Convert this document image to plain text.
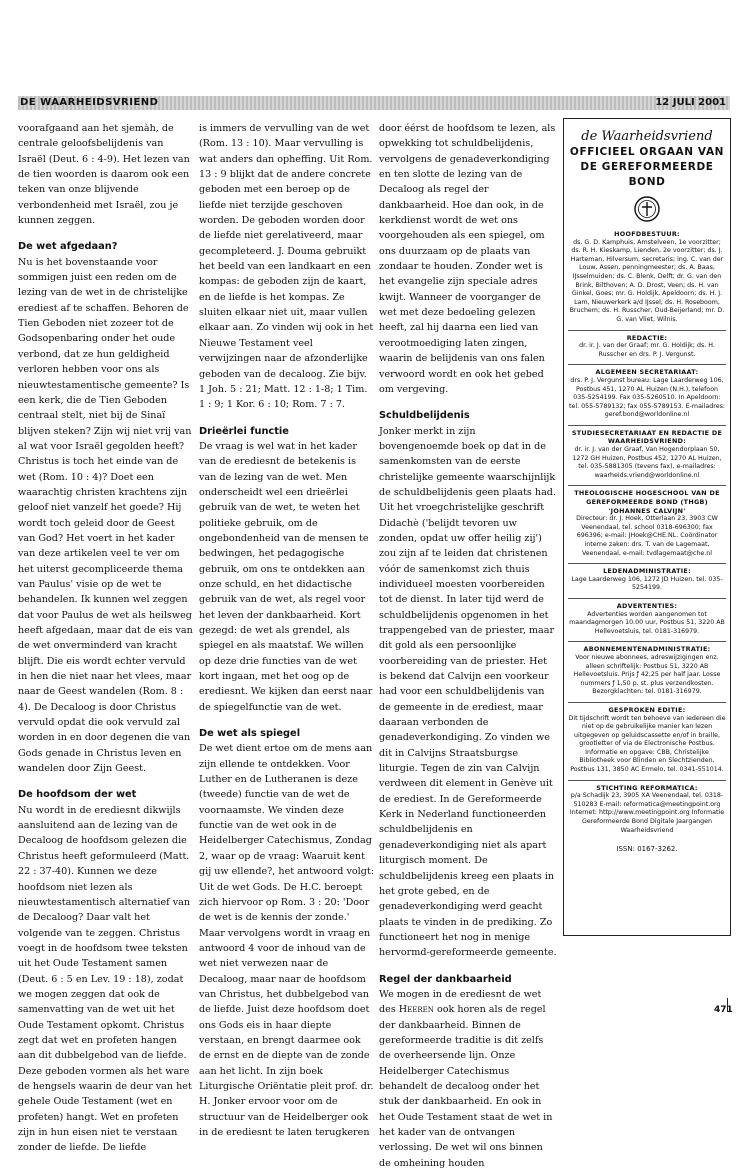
DE WAARHEIDSVRIEND	12 JULI 2001

voorafgaand aan het sjemàh, de centrale geloofsbelijdenis van Israël (Deut. 6 : 4-9). Het lezen van de tien woorden is daarom ook een teken van onze blijvende verbondenheid met Israël, zou je kunnen zeggen.

De wet afgedaan?

Nu is het bovenstaande voor sommigen juist een reden om de lezing van de wet in de christelijke erediest af te schaffen. Behoren de Tien Geboden niet zozeer tot de Godsopenbaring onder het oude verbond, dat ze hun geldigheid verloren hebben voor ons als nieuwtestamentische gemeente? Is een kerk, die de Tien Geboden centraal stelt, niet bij de Sinaï blijven steken? Zijn wij niet vrij van al wat voor Israël gegolden heeft? Christus is toch het einde van de wet (Rom. 10 : 4)? Doet een waarachtig christen krachtens zijn geloof niet vanzelf het goede? Hij wordt toch geleid door de Geest van God? Het voert in het kader van deze artikelen veel te ver om het uiterst gecompliceerde thema van Paulus' visie op de wet te behandelen. Ik kunnen wel zeggen dat voor Paulus de wet als heilsweg heeft afgedaan, maar dat de eis van de wet onverminderd van kracht blijft. Die eis wordt echter vervuld in hen die niet naar het vlees, maar naar de Geest wandelen (Rom. 8 : 4). De Decaloog is door Christus vervuld opdat die ook vervuld zal worden in en door degenen die van Gods genade in Christus leven en wandelen door Zijn Geest.

De hoofdsom der wet

Nu wordt in de erediesnt dikwijls aansluitend aan de lezing van de Decaloog de hoofdsom gelezen die Christus heeft geformuleerd (Matt. 22 : 37-40). Kunnen we deze hoofdsom niet lezen als nieuwtestamentisch alternatief van de Decaloog? Daar valt het volgende van te zeggen. Christus voegt in de hoofdsom twee teksten uit het Oude Testament samen (Deut. 6 : 5 en Lev. 19 : 18), zodat we mogen zeggen dat ook de samenvatting van de wet uit het Oude Testament opkomt. Christus zegt dat wet en profeten hangen aan dit dubbelgebod van de liefde. Deze geboden vormen als het ware de hengsels waarin de deur van het gehele Oude Testament (wet en profeten) hangt. Wet en profeten zijn in hun eisen niet te verstaan zonder de liefde. De liefde

is immers de vervulling van de wet (Rom. 13 : 10). Maar vervulling is wat anders dan opheffing. Uit Rom. 13 : 9 blijkt dat de andere concrete geboden met een beroep op de liefde niet terzijde geschoven worden. De geboden worden door de liefde niet gerelativeerd, maar gecompleteerd. J. Douma gebruikt het beeld van een landkaart en een kompas: de geboden zijn de kaart, en de liefde is het kompas. Ze sluiten elkaar niet uit, maar vullen elkaar aan. Zo vinden wij ook in het Nieuwe Testament veel verwijzingen naar de afzonderlijke geboden van de decaloog. Zie bijv. 1 Joh. 5 : 21; Matt. 12 : 1-8; 1 Tim. 1 : 9; 1 Kor. 6 : 10; Rom. 7 : 7.

Drieërlei functie

De vraag is wel wat in het kader van de erediesnt de betekenis is van de lezing van de wet. Men onderscheidt wel een drieërlei gebruik van de wet, te weten het politieke gebruik, om de ongebondenheid van de mensen te bedwingen, het pedagogische gebruik, om ons te ontdekken aan onze schuld, en het didactische gebruik van de wet, als regel voor het leven der dankbaarheid. Kort gezegd: de wet als grendel, als spiegel en als maatstaf. We willen op deze drie functies van de wet kort ingaan, met het oog op de erediesnt. We kijken dan eerst naar de spiegelfunctie van de wet.

De wet als spiegel

De wet dient ertoe om de mens aan zijn ellende te ontdekken. Voor Luther en de Lutheranen is deze (tweede) functie van de wet de voornaamste. We vinden deze functie van de wet ook in de Heidelberger Catechismus, Zondag 2, waar op de vraag: Waaruit kent gij uw ellende?, het antwoord volgt: Uit de wet Gods. De H.C. beroept zich hiervoor op Rom. 3 : 20: 'Door de wet is de kennis der zonde.' Maar vervolgens wordt in vraag en antwoord 4 voor de inhoud van de wet niet verwezen naar de Decaloog, maar naar de hoofdsom van Christus, het dubbelgebod van de liefde. Juist deze hoofdsom doet ons Gods eis in haar diepte verstaan, en brengt daarmee ook de ernst en de diepte van de zonde aan het licht. In zijn boek Liturgische Oriëntatie pleit prof. dr. H. Jonker ervoor voor om de structuur van de Heidelberger ook in de erediesnt te laten terugkeren

door éérst de hoofdsom te lezen, als opwekking tot schuldbelijdenis, vervolgens de genadeverkondiging en ten slotte de lezing van de Decaloog als regel der dankbaarheid. Hoe dan ook, in de kerkdienst wordt de wet ons voorgehouden als een spiegel, om ons duurzaam op de plaats van zondaar te houden. Zonder wet is het evangelie zijn speciale adres kwijt. Wanneer de voorganger de wet met deze bedoeling gelezen heeft, zal hij daarna een lied van verootmoediging laten zingen, waarin de belijdenis van ons falen verwoord wordt en ook het gebed om vergeving.

Schuldbelijdenis

Jonker merkt in zijn bovengenoemde boek op dat in de samenkomsten van de eerste christelijke gemeente waarschijnlijk de schuldbelijdenis geen plaats had. Uit het vroegchristelijke geschrift Didachè ('belijdt tevoren uw zonden, opdat uw offer heilig zij') zou zijn af te leiden dat christenen vóór de samenkomst zich thuis individueel moesten voorbereiden tot de dienst. In later tijd werd de schuldbelijdenis opgenomen in het trappengebed van de priester, maar dit gold als een persoonlijke voorbereiding van de priester. Het is bekend dat Calvijn een voorkeur had voor een schuldbelijdenis van de gemeente in de erediest, maar daaraan verbonden de genadeverkondiging. Zo vinden we dit in Calvijns Straatsburgse liturgie. Tegen de zin van Calvijn verdween dit element in Genève uit de erediest. In de Gereformeerde Kerk in Nederland functioneerden schuldbelijdenis en genadeverkondiging niet als apart liturgisch moment. De schuldbelijdenis kreeg een plaats in het grote gebed, en de genadeverkondiging werd geacht plaats te vinden in de prediking. Zo functioneert het nog in menige hervormd-gereformeerde gemeente.

Regel der dankbaarheid

We mogen in de erediesnt de wet des Heeren ook horen als de regel der dankbaarheid. Binnen de gereformeerde traditie is dit zelfs de overheersende lijn. Onze Heidelberger Catechismus behandelt de decaloog onder het stuk der dankbaarheid. En ook in het Oude Testament staat de wet in het kader van de ontvangen verlossing. De wet wil ons binnen de omheining houden

de Waarheidsvriend
OFFICIEEL ORGAAN VAN DE GEREFORMEERDE BOND
HOOFDBESTUUR:
ds. G. D. Kamphuis, Amstelveen, 1e voorzitter; ds. R. H. Kieskamp, Lienden, 2e voorzitter; ds. J. Harteman, Hilversum, secretaris; ing. C. van der Louw, Assen, penningmeester; ds. A. Baas, IJsselmuiden; ds. C. Blenk, Delft; dr. G. van den Brink, Bilthoven; A. D. Drost, Veen; ds. H. van Ginkel, Goes; mr. G. Holdijk, Apeldoorn; ds. H. J. Lam, Nieuwerkerk a/d IJssel; ds. H. Roseboom, Bruchem; ds. H. Russcher, Oud-Beijerland; mr. D. G. van Vliet, Wilnis.
REDACTIE:
dr. ir. J. van der Graaf; mr. G. Holdijk; ds. H. Russcher en drs. P. J. Vergunst.
ALGEMEEN SECRETARIAAT:
drs. P. J. Vergunst bureau: Lage Laarderweg 106, Postbus 451, 1270 AL Huizen (N.H.), telefoon 035-5254199. Fax 035-5260510. In Apeldoorn: tel. 055-5789132; fax 055-5789153. E-mailadres: geref.bond@worldonline.nl
STUDIESECRETARIAAT EN REDACTIE DE WAARHEIDSVRIEND:
dr. ir. J. van der Graaf, Van Hogendorplaan 50, 1272 GH Huizen, Postbus 452, 1270 AL Huizen, tel. 035-5881305 (tevens fax), e-mailadres: waarheids.vriend@worldonline.nl
THEOLOGISCHE HOGESCHOOL VAN DE GEREFORMEERDE BOND (THGB) 'JOHANNES CALVIJN'
Directeur: dr. J. Hoek, Otterlaan 23, 3903 CW Veenendaal, tel. school 0318-696300; fax 696396; e-mail: JHoek@CHE.NL. Coördinator interne zaken: drs. T. van de Lagemaat, Veenendaal, e-mail: tvdlagemaat@che.nl
LEDENADMINISTRATIE:
Lage Laarderweg 106, 1272 JD Huizen, tel. 035-5254199.
ADVERTENTIES:
Advertenties worden aangenomen tot maandagmorgen 10.00 uur, Postbus 51, 3220 AB Hellevoetsluis, tel. 0181-316979.
ABONNEMENTENADMINISTRATIE:
Voor nieuwe abonnees, adreswijzigingen enz. alleen schriftelijk: Postbus 51, 3220 AB Hellevoetsluis. Prijs ƒ 42,25 per half jaar. Losse nummers ƒ 1,50 p. st. plus verzendkosten. Bezorgklachten: tel. 0181-316979.
GESPROKEN EDITIE:
Dit tijdschrift wordt ten behoeve van iedereen die niet op de gebruikelijke manier kan lezen uitgegeven op geluidscassette en/of in braille, grootletter of via de Electronische Postbus. Informatie en opgave: CBB, Christelijke Bibliotheek voor Blinden en Slechtzienden, Postbus 131, 3850 AC Ermelo, tel. 0341-551014.
STICHTING REFORMATICA:
p/a Schadijk 23, 3905 XA Veenendaal, tel. 0318-510283 E-mail: reformatica@meetingpoint.org Internet: http://www.meetingpoint.org Informatie Gereformeerde Bond Digitale Jaargangen Waarheidsvriend
ISSN: 0167-3262.
471
